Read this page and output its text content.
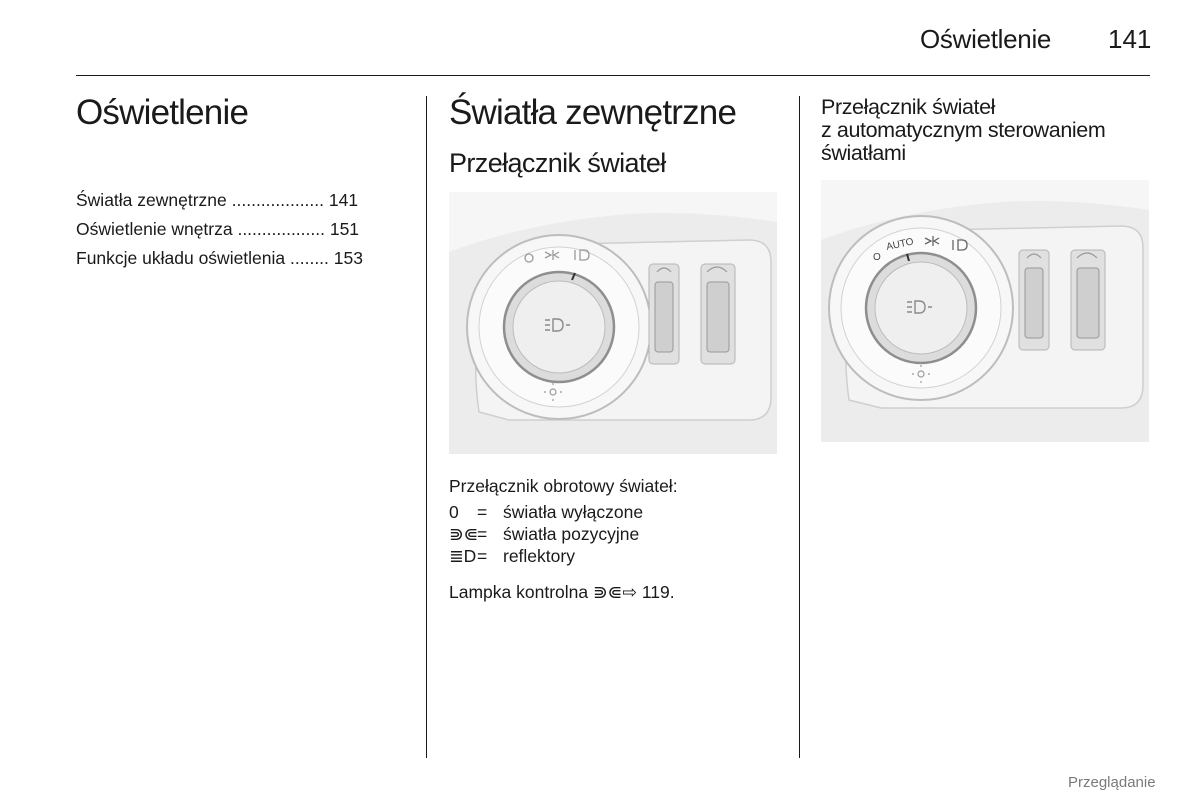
Oświetlenie 141
Oświetlenie
Światła zewnętrzne ................... 141
Oświetlenie wnętrza .................. 151
Funkcje układu oświetlenia ........ 153
Światła zewnętrzne
Przełącznik świateł
Przełącznik obrotowy świateł:
0	= światła wyłączone
⋑⋐
= światła pozycyjne
≣D = reflektory
Lampka kontrolna ⋑⋐⇨ 119.
Przełącznik świateł
z automatycznym sterowaniem
światłami
O
AUTO
Przeglądanie
